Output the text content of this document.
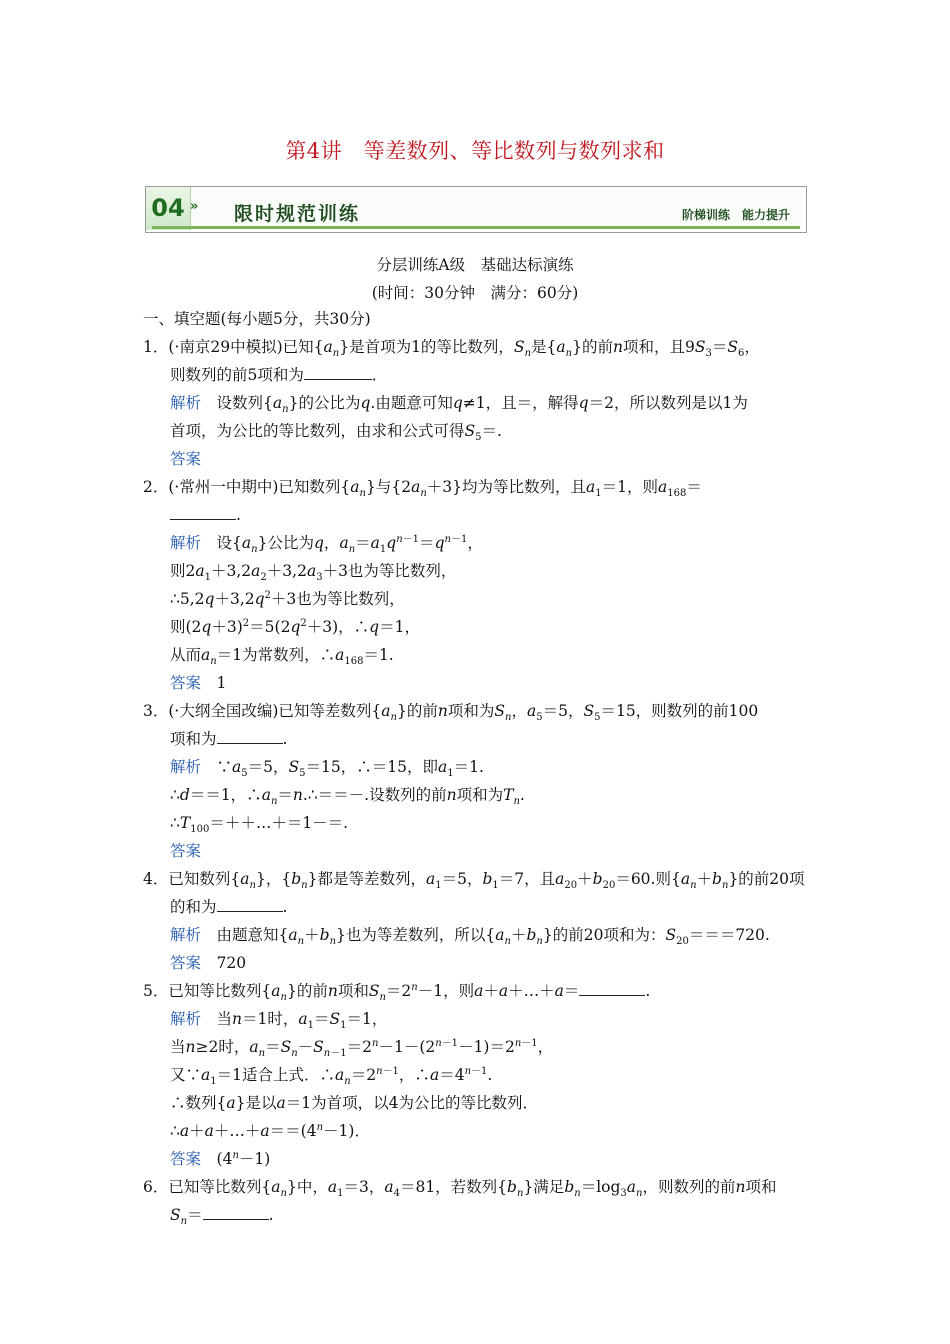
第4讲　等差数列、等比数列与数列求和
04 » 限时规范训练	阶梯训练　 能力提升
分层训练A级　基础达标演练
(时间：30分钟　满分：60分)
一、填空题(每小题5分，共30分)
1．(·南京29中模拟)已知$\{a_n\}$是首项为1的等比数列，$S_n$是$\{a_n\}$的前n项和，且$9S_3=S_6$，
则数列的前5项和为	．
解析　 设数列$\{a_n\}$的公比为q.由题意可知q≠1，且＝，解得q＝2，所以数列是以1为
首项，为公比的等比数列，由求和公式可得$S_5=$.
答案
2．(·常州一中期中)已知数列$\{a_n\}$与$\{2a_n+3\}$均为等比数列，且$a_1=1$，则$a_{168}=$
.
解析　 设$\{a_n\}$公比为q，$a_n=a_1q^{n-1}=q^{n-1}$，
则$2a_1+3,2a_2+3,2a_3+3$也为等比数列，
$\therefore 5,2q+3,2q^2+3$也为等比数列，
则$(2q+3)^2=5(2q^2+3)$，∴q＝1，
从而$a_n=1$为常数列，$\therefore a_{168}=1$.
答案　 1
3．(·大纲全国改编)已知等差数列$\{a_n\}$的前n项和为$S_n$，$a_5=5$，$S_5=15$，则数列的前100
项和为	.
解析　 $\because a_5=5$，$S_5=15$，∴＝15，即$a_1=1$.
∴d＝＝1，$\therefore a_n=n.\therefore==-$.设数列的前n项和为$T_n$.
$\therefore T_{100}=++\dots+=1-=$.
答案
4．已知数列$\{a_n\}$，$\{b_n\}$都是等差数列，$a_1=5$，$b_1=7$，且$a_{20}+b_{20}=60$.则$\{a_n+b_n\}$的前20项
的和为	.
解析　 由题意知$\{a_n+b_n\}$也为等差数列，所以$\{a_n+b_n\}$的前20项和为：$S_{20}===720$.
答案　 720
5．已知等比数列$\{a_n\}$的前n项和$S_n=2^n-1$，则a＋a＋…＋a＝	.
解析　 当n＝1时，$a_1=S_1=1$，
当n≥2时，$a_n=S_n-S_{n-1}=2^n-1-(2^{n-1}-1)=2^{n-1}$，
又$\because a_1=1$适合上式．$\therefore a_n=2^{n-1}$，$\therefore a=4^{n-1}$.
∴数列{a}是以a＝1为首项，以4为公比的等比数列．
$\therefore a+a+\dots+a==(4^n-1)$．
答案　 $(4^n-1)$
6．已知等比数列$\{a_n\}$中，$a_1=3$，$a_4=81$，若数列$\{b_n\}$满足$b_n=\log_3a_n$，则数列的前n项和
$S_n=$	.
